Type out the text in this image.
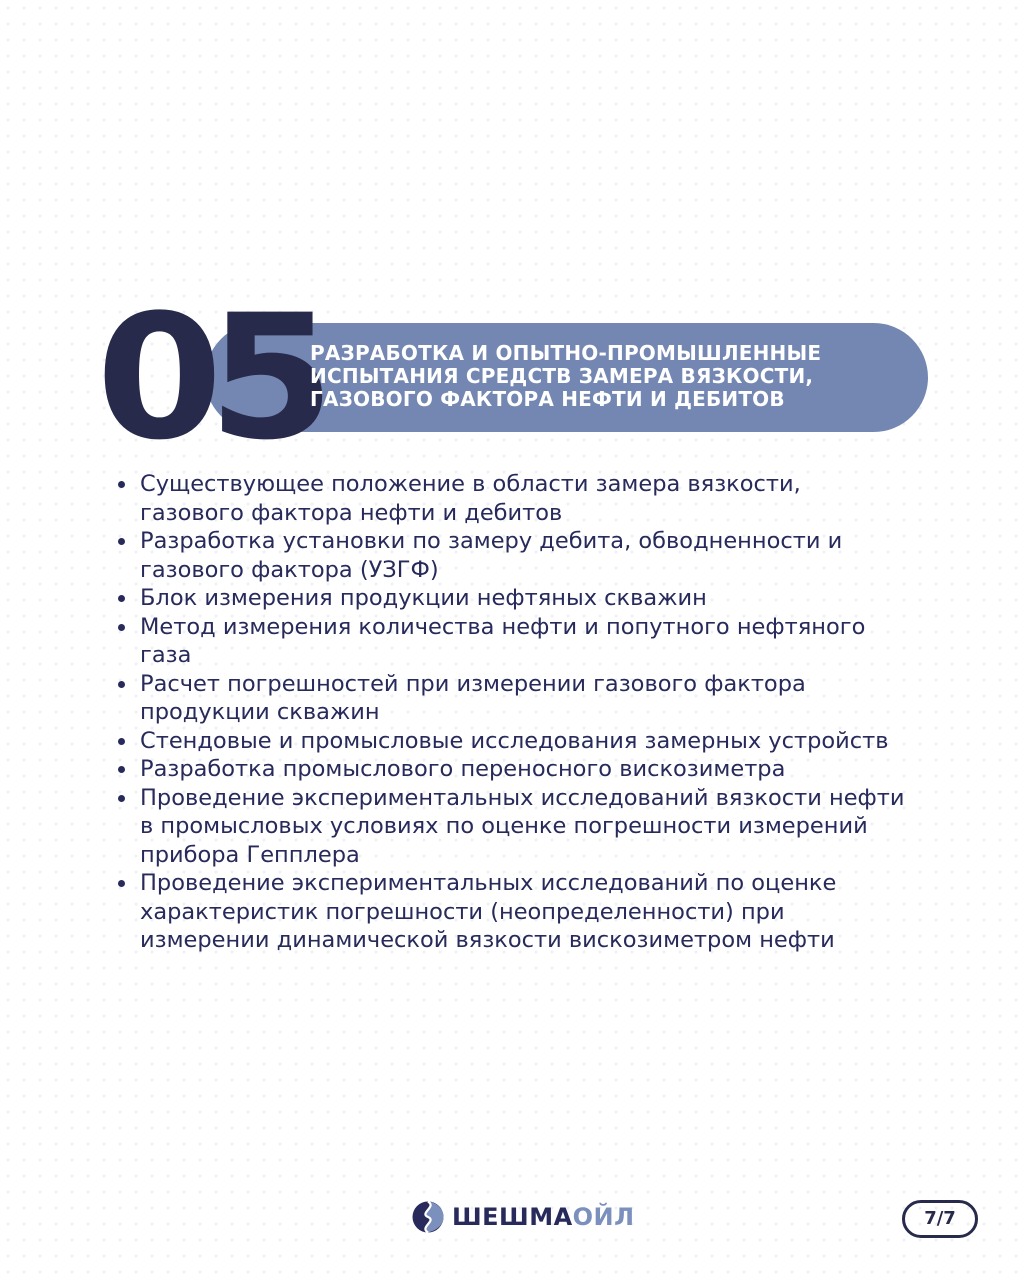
05
РАЗРАБОТКА И ОПЫТНО-ПРОМЫШЛЕННЫЕ ИСПЫТАНИЯ СРЕДСТВ ЗАМЕРА ВЯЗКОСТИ, ГАЗОВОГО ФАКТОРА НЕФТИ И ДЕБИТОВ
Существующее положение в области замера вязкости, газового фактора нефти и дебитов
Разработка установки по замеру дебита, обводненности и газового фактора (УЗГФ)
Блок измерения продукции нефтяных скважин
Метод измерения количества нефти и попутного нефтяного газа
Расчет погрешностей при измерении газового фактора продукции скважин
Стендовые и промысловые исследования замерных устройств
Разработка промыслового переносного вискозиметра
Проведение экспериментальных исследований вязкости нефти в промысловых условиях по оценке погрешности измерений прибора Гепплера
Проведение экспериментальных исследований по оценке характеристик погрешности (неопределенности) при измерении динамической вязкости вискозиметром нефти
ШЕШМА ОЙЛ	7/7
